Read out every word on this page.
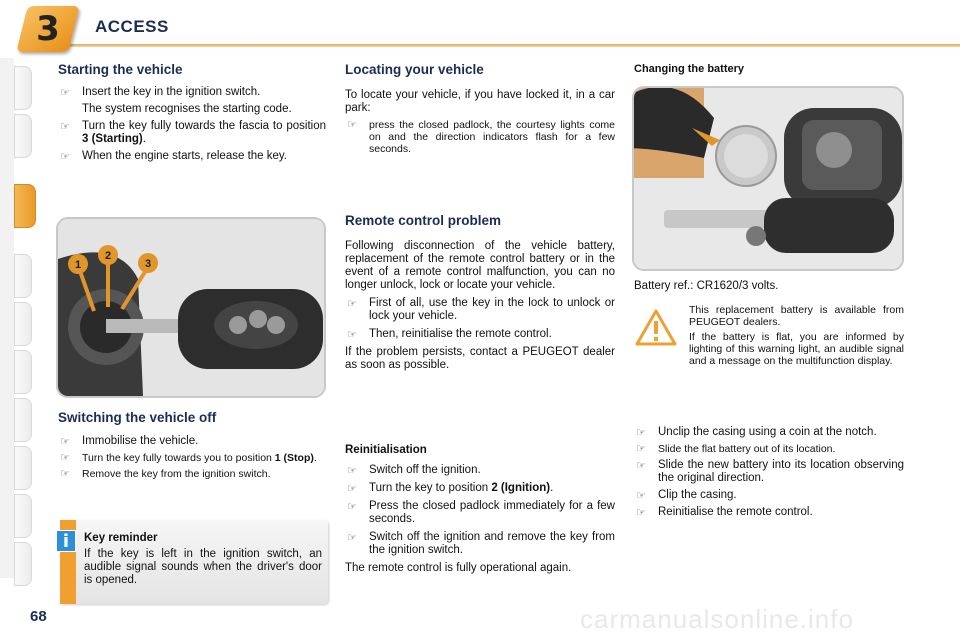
3	ACCESS
Starting the vehicle
☞ Insert the key in the ignition switch.
The system recognises the starting code.
☞ Turn the key fully towards the fascia to position 3 (Starting).
☞ When the engine starts, release the key.
1
2
3
Switching the vehicle off
☞ Immobilise the vehicle.
☞ Turn the key fully towards you to position 1 (Stop).
☞ Remove the key from the ignition switch.
Key reminder
If the key is left in the ignition switch, an audible signal sounds when the driver's door is opened.
i
Locating your vehicle
To locate your vehicle, if you have locked it, in a car park:
☞ press the closed padlock, the courtesy lights come on and the direction indicators flash for a few seconds.
Remote control problem
Following disconnection of the vehicle battery, replacement of the remote control battery or in the event of a remote control malfunction, you can no longer unlock, lock or locate your vehicle.
☞ First of all, use the key in the lock to unlock or lock your vehicle.
☞ Then, reinitialise the remote control.
If the problem persists, contact a PEUGEOT dealer as soon as possible.
Reinitialisation
☞ Switch off the ignition.
☞ Turn the key to position 2 (Ignition).
☞ Press the closed padlock immediately for a few seconds.
☞ Switch off the ignition and remove the key from the ignition switch.
The remote control is fully operational again.
Changing the battery
Battery ref.: CR1620/3 volts.
This replacement battery is available from PEUGEOT dealers.
If the battery is flat, you are informed by lighting of this warning light, an audible signal and a message on the multifunction display.
☞ Unclip the casing using a coin at the notch.
☞ Slide the flat battery out of its location.
☞ Slide the new battery into its location observing the original direction.
☞ Clip the casing.
☞ Reinitialise the remote control.
68	carmanualsonline.info
